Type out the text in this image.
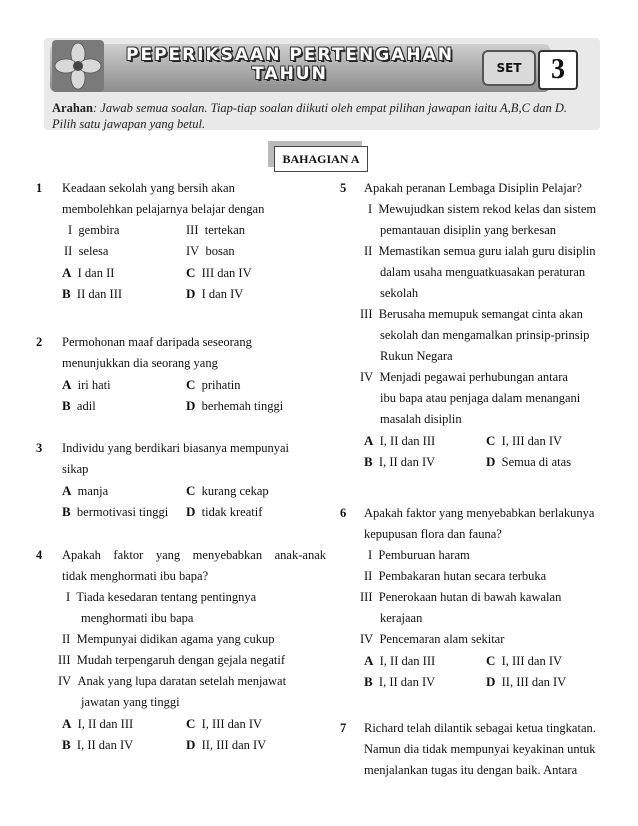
PEPERIKSAAN PERTENGAHAN
TAHUN	SET	3
Arahan: Jawab semua soalan. Tiap-tiap soalan diikuti oleh empat pilihan jawapan iaitu A,B,C dan D. Pilih satu jawapan yang betul.
BAHAGIAN A
1 Keadaan sekolah yang bersih akan
membolehkan pelajarnya belajar dengan
I gembira	III tertekan
II selesa	IV bosan
A I dan II	C III dan IV
B II dan III	D I dan IV
2 Permohonan maaf daripada seseorang
menunjukkan dia seorang yang
A iri hati	C prihatin
B adil	D berhemah tinggi
3 Individu yang berdikari biasanya mempunyai
sikap
A manja	C kurang cekap
B bermotivasi tinggi D tidak kreatif
4 Apakah faktor yang menyebabkan anak-anak
tidak menghormati ibu bapa?
I Tiada kesedaran tentang pentingnya
menghormati ibu bapa
II Mempunyai didikan agama yang cukup
III Mudah terpengaruh dengan gejala negatif
IV Anak yang lupa daratan setelah menjawat
jawatan yang tinggi
A I, II dan III	C I, III dan IV
B I, II dan IV	D II, III dan IV
5 Apakah peranan Lembaga Disiplin Pelajar?
I Mewujudkan sistem rekod kelas dan sistem
pemantauan disiplin yang berkesan
II Memastikan semua guru ialah guru disiplin
dalam usaha menguatkuasakan peraturan
sekolah
III Berusaha memupuk semangat cinta akan
sekolah dan mengamalkan prinsip-prinsip
Rukun Negara
IV Menjadi pegawai perhubungan antara
ibu bapa atau penjaga dalam menangani
masalah disiplin
A I, II dan III	C I, III dan IV
B I, II dan IV	D Semua di atas
6 Apakah faktor yang menyebabkan berlakunya
kepupusan flora dan fauna?
I Pemburuan haram
II Pembakaran hutan secara terbuka
III Penerokaan hutan di bawah kawalan
kerajaan
IV Pencemaran alam sekitar
A I, II dan III	C I, III dan IV
B I, II dan IV	D II, III dan IV
7 Richard telah dilantik sebagai ketua tingkatan.
Namun dia tidak mempunyai keyakinan untuk
menjalankan tugas itu dengan baik. Antara
